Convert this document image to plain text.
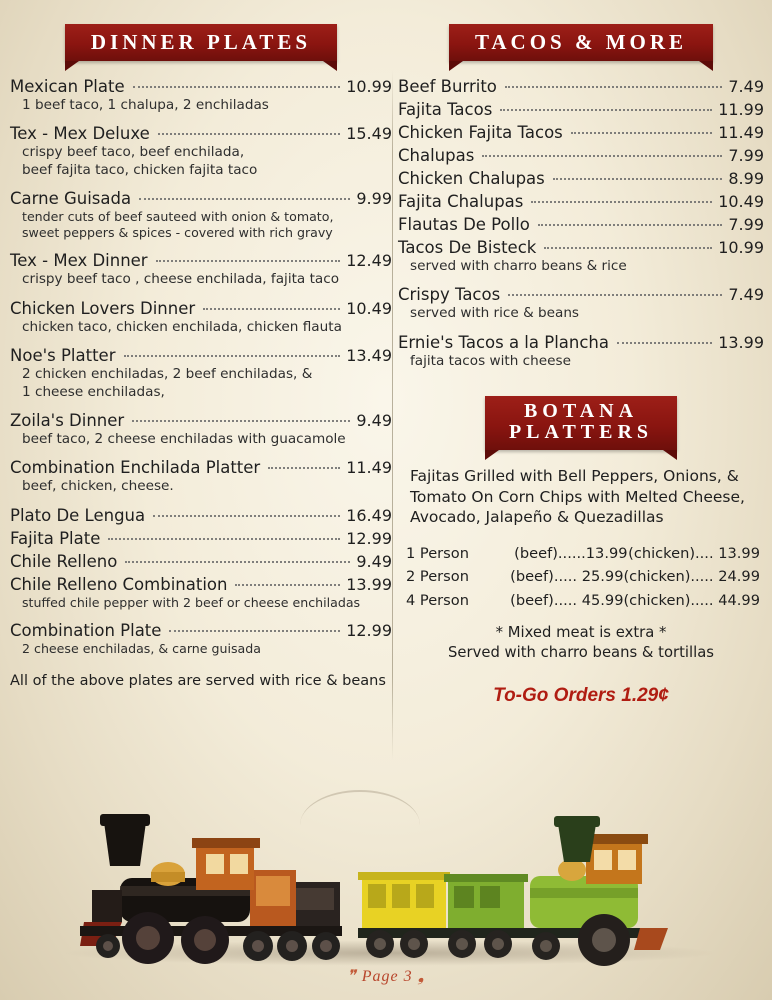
DINNER PLATES
Mexican Plate	10.99
1 beef taco, 1 chalupa, 2 enchiladas
Tex - Mex Deluxe	15.49
crispy beef taco, beef enchilada,
beef fajita taco, chicken fajita taco
Carne Guisada	9.99
tender cuts of beef sauteed with onion & tomato,
sweet peppers & spices - covered with rich gravy
Tex - Mex Dinner	12.49
crispy beef taco , cheese enchilada, fajita taco
Chicken Lovers Dinner	10.49
chicken taco, chicken enchilada, chicken flauta
Noe's Platter	13.49
2 chicken enchiladas, 2 beef enchiladas, &
1 cheese enchiladas,
Zoila's Dinner	9.49
beef taco, 2 cheese enchiladas with guacamole
Combination Enchilada Platter	11.49
beef, chicken, cheese.
Plato De Lengua	16.49
Fajita Plate	12.99
Chile Relleno	9.49
Chile Relleno Combination	13.99
stuffed chile pepper with 2 beef or cheese enchiladas
Combination Plate	12.99
2 cheese enchiladas, & carne guisada
All of the above plates are served with rice & beans
TACOS & MORE
Beef Burrito	7.49
Fajita Tacos	11.99
Chicken Fajita Tacos	11.49
Chalupas	7.99
Chicken Chalupas	8.99
Fajita Chalupas	10.49
Flautas De Pollo	7.99
Tacos De Bisteck	10.99
served with charro beans & rice
Crispy Tacos	7.49
served with rice & beans
Ernie's Tacos a la Plancha	13.99
fajita tacos with cheese
BOTANA
PLATTERS
Fajitas Grilled with Bell Peppers, Onions, &
Tomato On Corn Chips with Melted Cheese,
Avocado, Jalapeño & Quezadillas
1 Person	(beef)......13.99 (chicken).... 13.99
2 Person	(beef)..... 25.99 (chicken)..... 24.99
4 Person	(beef)..... 45.99 (chicken)..... 44.99
* Mixed meat is extra *
Served with charro beans & tortillas
To-Go Orders 1.29¢
❞ Page 3 ❟
